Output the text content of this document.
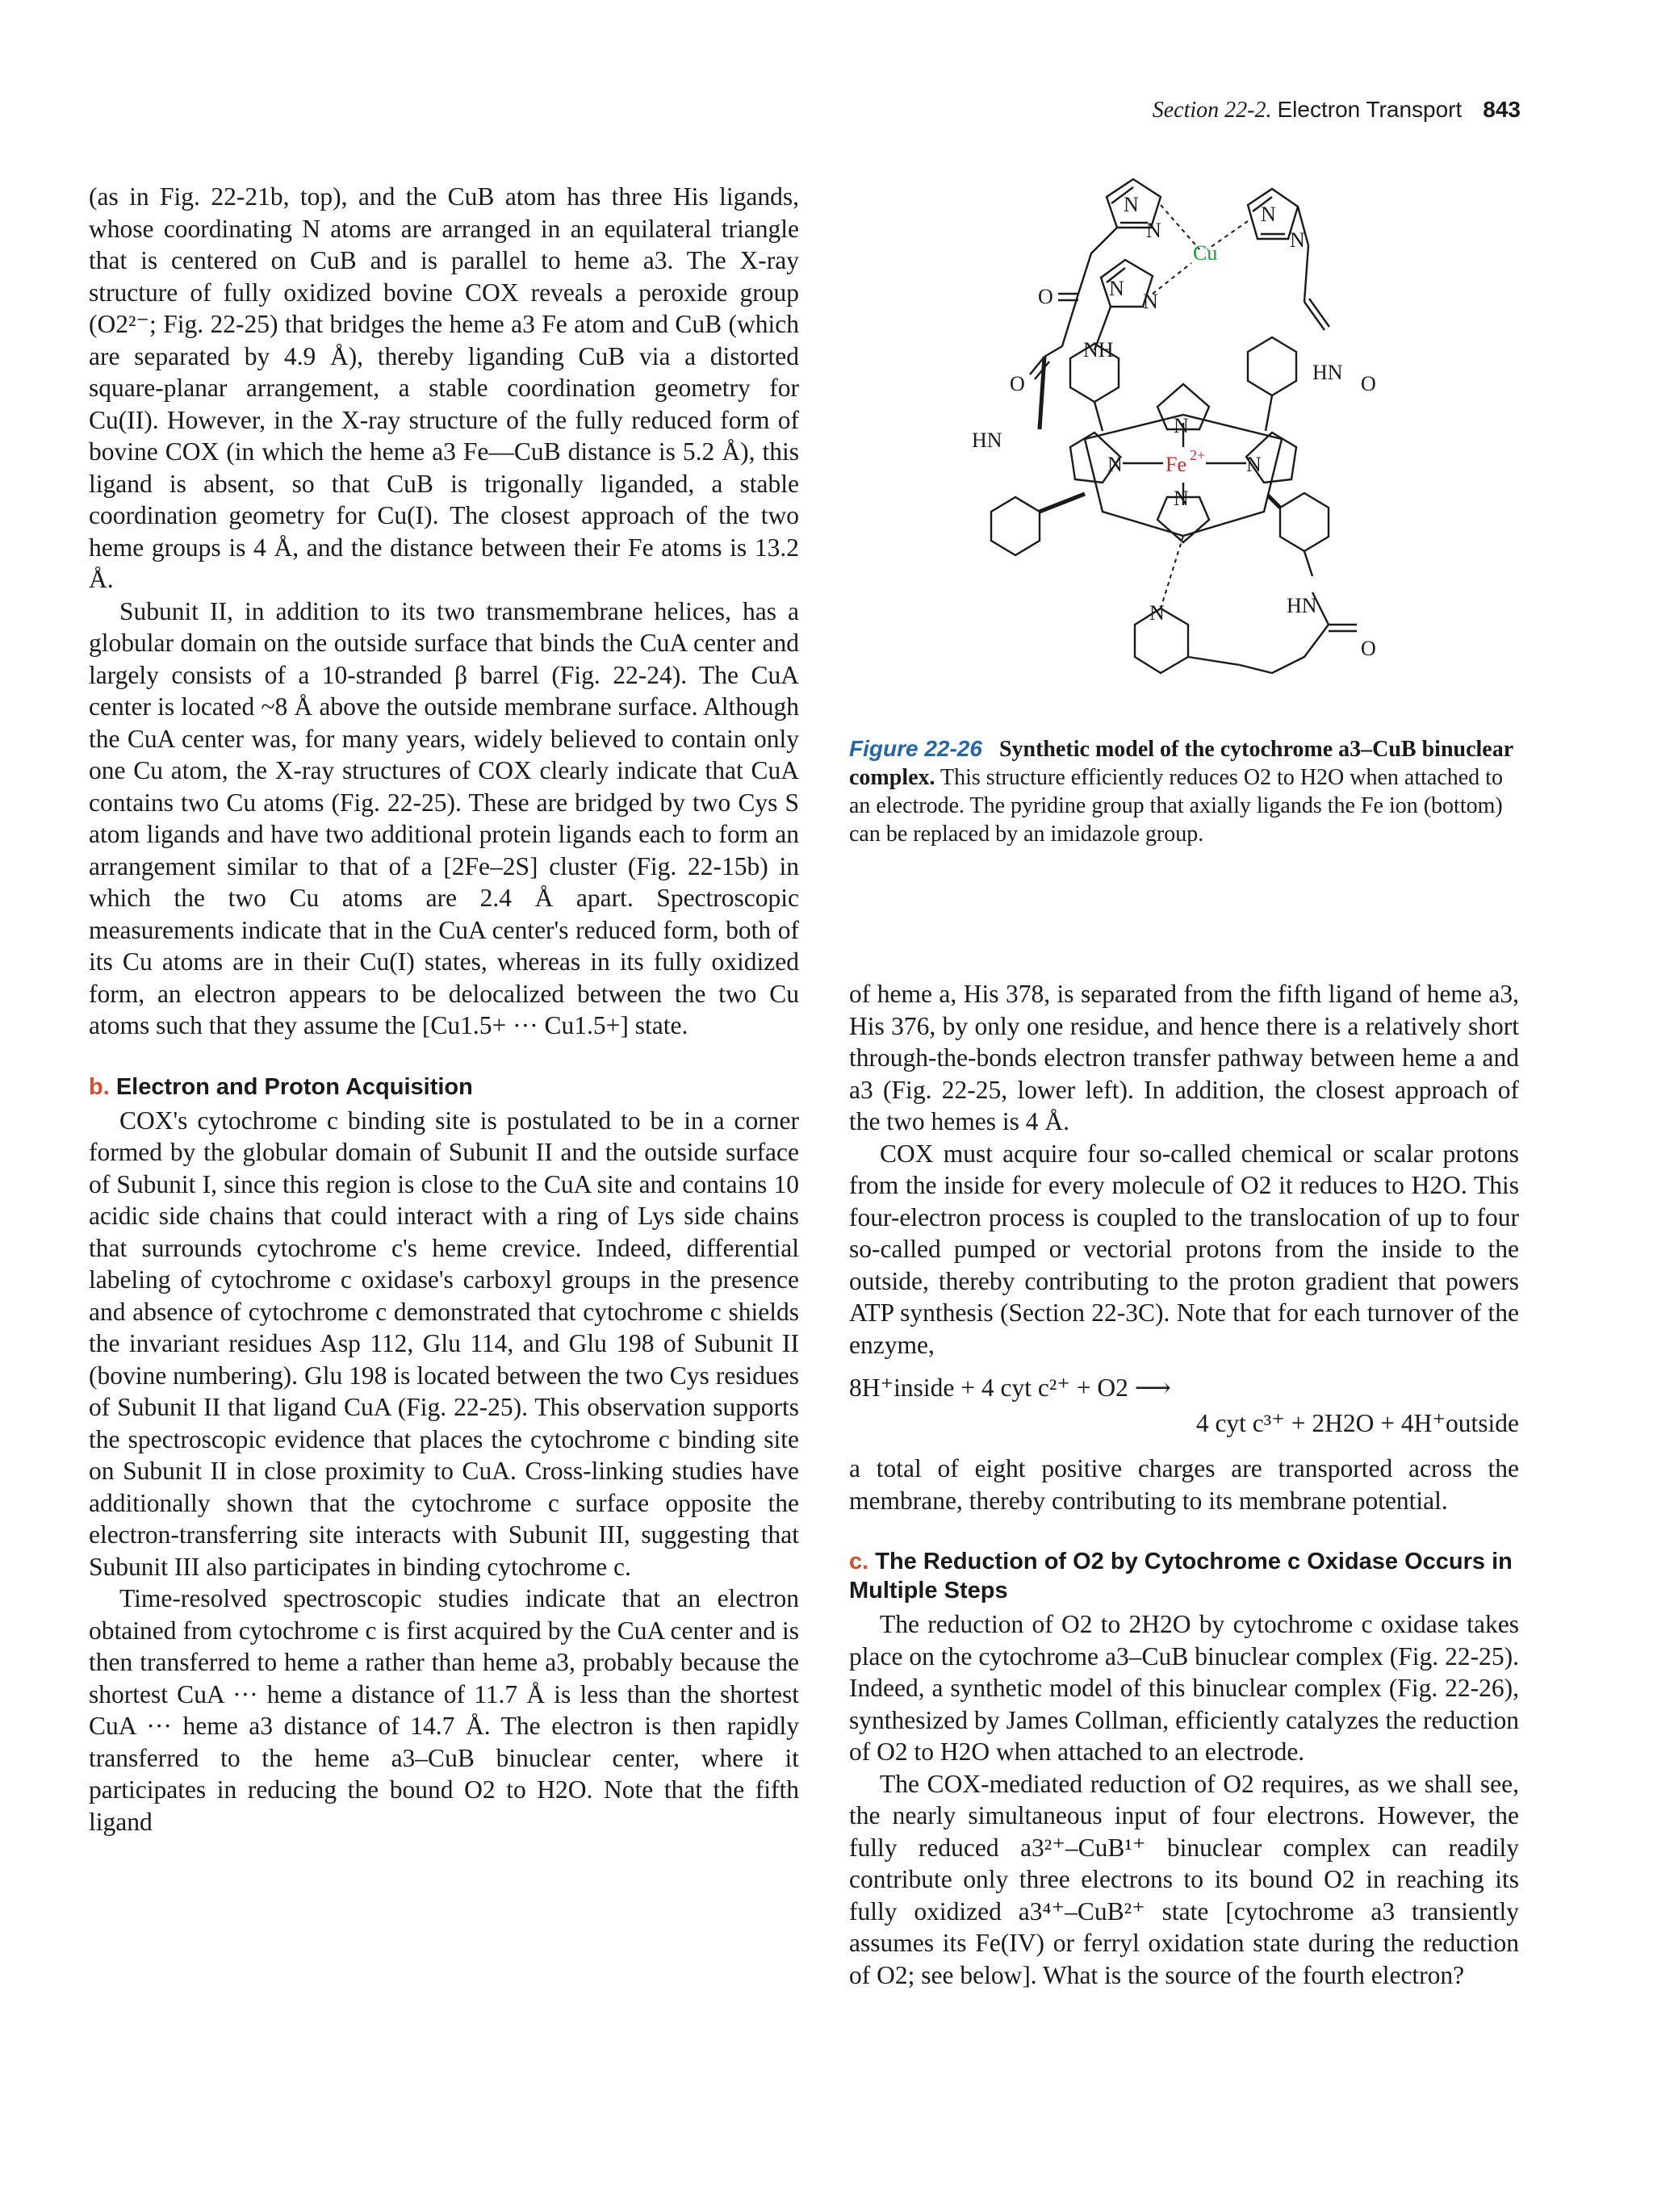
Section 22-2. Electron Transport 843

(as in Fig. 22-21b, top), and the CuB atom has three His ligands, whose coordinating N atoms are arranged in an equilateral triangle that is centered on CuB and is parallel to heme a3. The X-ray structure of fully oxidized bovine COX reveals a peroxide group (O2²⁻; Fig. 22-25) that bridges the heme a3 Fe atom and CuB (which are separated by 4.9 Å), thereby liganding CuB via a distorted square-planar arrangement, a stable coordination geometry for Cu(II). However, in the X-ray structure of the fully reduced form of bovine COX (in which the heme a3 Fe—CuB distance is 5.2 Å), this ligand is absent, so that CuB is trigonally liganded, a stable coordination geometry for Cu(I). The closest approach of the two heme groups is 4 Å, and the distance between their Fe atoms is 13.2 Å.

Subunit II, in addition to its two transmembrane helices, has a globular domain on the outside surface that binds the CuA center and largely consists of a 10-stranded β barrel (Fig. 22-24). The CuA center is located ~8 Å above the outside membrane surface. Although the CuA center was, for many years, widely believed to contain only one Cu atom, the X-ray structures of COX clearly indicate that CuA contains two Cu atoms (Fig. 22-25). These are bridged by two Cys S atom ligands and have two additional protein ligands each to form an arrangement similar to that of a [2Fe–2S] cluster (Fig. 22-15b) in which the two Cu atoms are 2.4 Å apart. Spectroscopic measurements indicate that in the CuA center's reduced form, both of its Cu atoms are in their Cu(I) states, whereas in its fully oxidized form, an electron appears to be delocalized between the two Cu atoms such that they assume the [Cu1.5+ ··· Cu1.5+] state.

b. Electron and Proton Acquisition

COX's cytochrome c binding site is postulated to be in a corner formed by the globular domain of Subunit II and the outside surface of Subunit I, since this region is close to the CuA site and contains 10 acidic side chains that could interact with a ring of Lys side chains that surrounds cytochrome c's heme crevice. Indeed, differential labeling of cytochrome c oxidase's carboxyl groups in the presence and absence of cytochrome c demonstrated that cytochrome c shields the invariant residues Asp 112, Glu 114, and Glu 198 of Subunit II (bovine numbering). Glu 198 is located between the two Cys residues of Subunit II that ligand CuA (Fig. 22-25). This observation supports the spectroscopic evidence that places the cytochrome c binding site on Subunit II in close proximity to CuA. Cross-linking studies have additionally shown that the cytochrome c surface opposite the electron-transferring site interacts with Subunit III, suggesting that Subunit III also participates in binding cytochrome c.

Time-resolved spectroscopic studies indicate that an electron obtained from cytochrome c is first acquired by the CuA center and is then transferred to heme a rather than heme a3, probably because the shortest CuA ··· heme a distance of 11.7 Å is less than the shortest CuA ··· heme a3 distance of 14.7 Å. The electron is then rapidly transferred to the heme a3–CuB binuclear center, where it participates in reducing the bound O2 to H2O. Note that the fifth ligand

N
N
N
N
N
N
O
O	O
O
NH
HN
HN
HN
N
N
N	N
N
Cu
Fe 2+
Figure 22-26 Synthetic model of the cytochrome a3–CuB binuclear complex. This structure efficiently reduces O2 to H2O when attached to an electrode. The pyridine group that axially ligands the Fe ion (bottom) can be replaced by an imidazole group.

of heme a, His 378, is separated from the fifth ligand of heme a3, His 376, by only one residue, and hence there is a relatively short through-the-bonds electron transfer pathway between heme a and a3 (Fig. 22-25, lower left). In addition, the closest approach of the two hemes is 4 Å.

COX must acquire four so-called chemical or scalar protons from the inside for every molecule of O2 it reduces to H2O. This four-electron process is coupled to the translocation of up to four so-called pumped or vectorial protons from the inside to the outside, thereby contributing to the proton gradient that powers ATP synthesis (Section 22-3C). Note that for each turnover of the enzyme,

8H⁺inside + 4 cyt c²⁺ + O2 ⟶
4 cyt c³⁺ + 2H2O + 4H⁺outside

a total of eight positive charges are transported across the membrane, thereby contributing to its membrane potential.

c. The Reduction of O2 by Cytochrome c Oxidase Occurs in Multiple Steps

The reduction of O2 to 2H2O by cytochrome c oxidase takes place on the cytochrome a3–CuB binuclear complex (Fig. 22-25). Indeed, a synthetic model of this binuclear complex (Fig. 22-26), synthesized by James Collman, efficiently catalyzes the reduction of O2 to H2O when attached to an electrode.

The COX-mediated reduction of O2 requires, as we shall see, the nearly simultaneous input of four electrons. However, the fully reduced a3²⁺–CuB¹⁺ binuclear complex can readily contribute only three electrons to its bound O2 in reaching its fully oxidized a3⁴⁺–CuB²⁺ state [cytochrome a3 transiently assumes its Fe(IV) or ferryl oxidation state during the reduction of O2; see below]. What is the source of the fourth electron?
